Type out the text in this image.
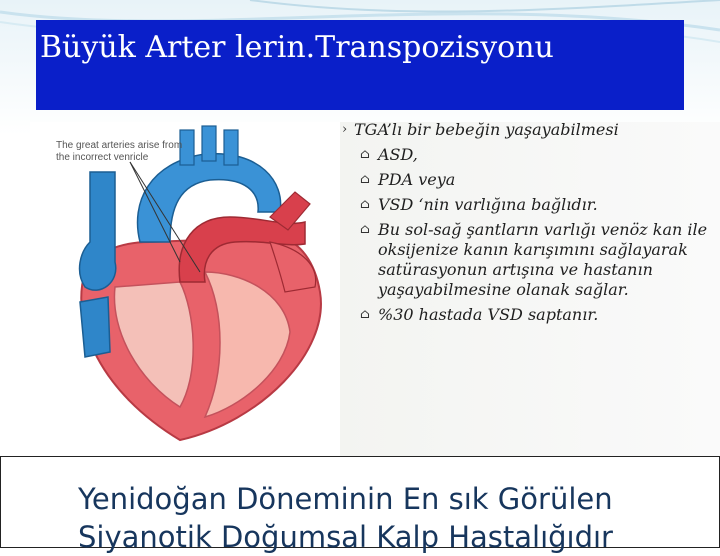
Büyük Arter lerin.Transpozisyonu
The great arteries arise from
the incorrect venricle
› TGA’lı bir bebeğin yaşayabilmesi
⌂ ASD,
⌂ PDA veya
⌂ VSD ‘nin varlığına bağlıdır.
⌂ Bu sol-sağ şantların varlığı venöz kan ile oksijenize kanın karışımını sağlayarak satürasyonun artışına ve hastanın yaşayabilmesine olanak sağlar.
⌂ %30 hastada VSD saptanır.
Yenidoğan Döneminin En sık Görülen
Siyanotik Doğumsal Kalp Hastalığıdır
